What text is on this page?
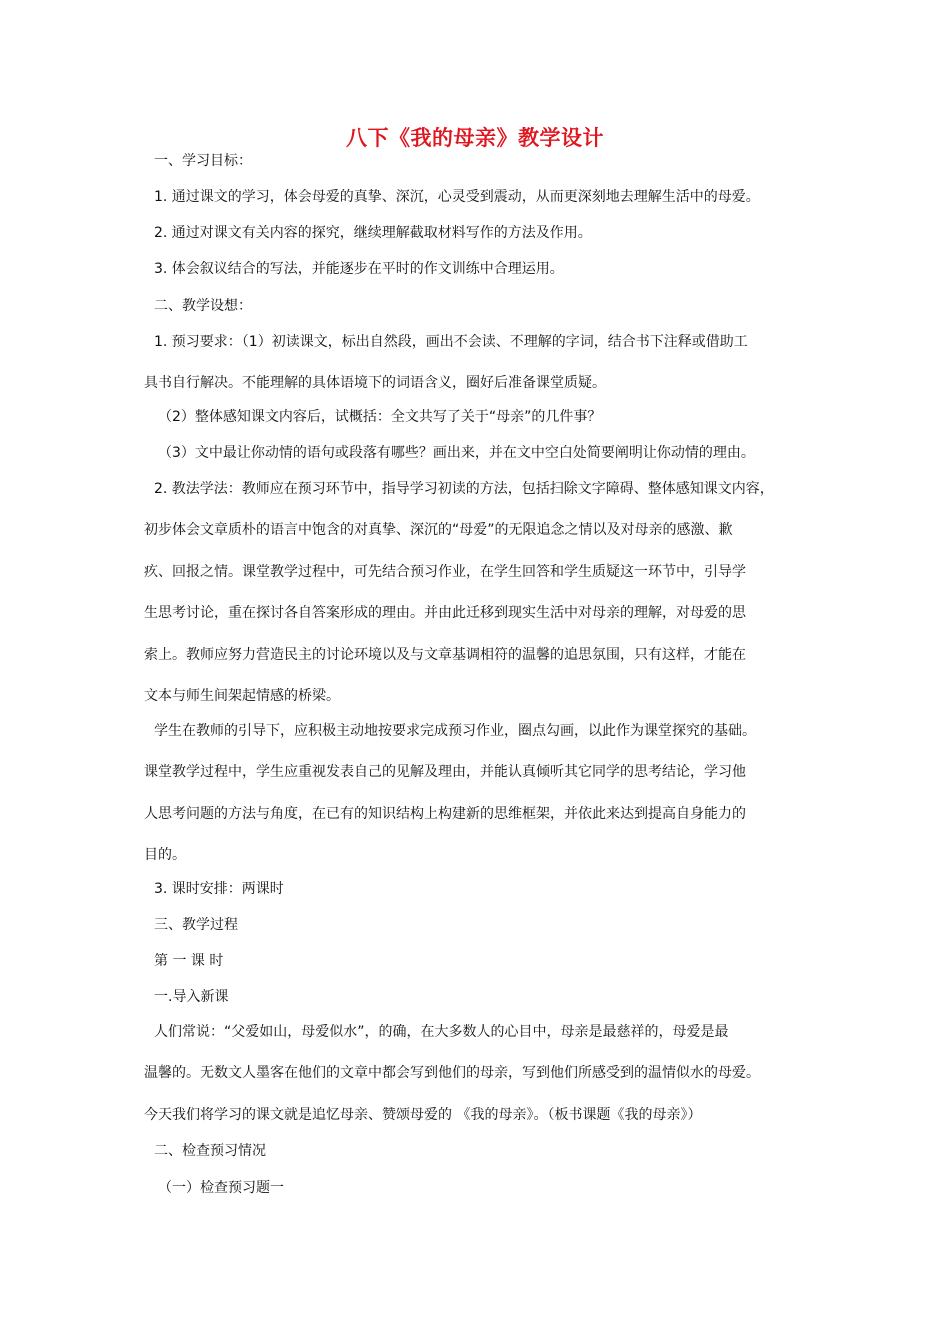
八下《我的母亲》教学设计
一、学习目标：
1. 通过课文的学习，体会母爱的真挚、深沉，心灵受到震动，从而更深刻地去理解生活中的母爱。
2. 通过对课文有关内容的探究，继续理解截取材料写作的方法及作用。
3. 体会叙议结合的写法，并能逐步在平时的作文训练中合理运用。
二、教学设想：
1. 预习要求：（1）初读课文，标出自然段，画出不会读、不理解的字词，结合书下注释或借助工
具书自行解决。不能理解的具体语境下的词语含义，圈好后准备课堂质疑。
（2）整体感知课文内容后，试概括：全文共写了关于“母亲”的几件事？
（3）文中最让你动情的语句或段落有哪些？画出来，并在文中空白处简要阐明让你动情的理由。
2. 教法学法：教师应在预习环节中，指导学习初读的方法，包括扫除文字障碍、整体感知课文内容，
初步体会文章质朴的语言中饱含的对真挚、深沉的“母爱”的无限追念之情以及对母亲的感激、歉
疚、回报之情。课堂教学过程中，可先结合预习作业，在学生回答和学生质疑这一环节中，引导学
生思考讨论，重在探讨各自答案形成的理由。并由此迁移到现实生活中对母亲的理解，对母爱的思
索上。教师应努力营造民主的讨论环境以及与文章基调相符的温馨的追思氛围，只有这样，才能在
文本与师生间架起情感的桥梁。
学生在教师的引导下，应积极主动地按要求完成预习作业，圈点勾画，以此作为课堂探究的基础。
课堂教学过程中，学生应重视发表自己的见解及理由，并能认真倾听其它同学的思考结论，学习他
人思考问题的方法与角度，在已有的知识结构上构建新的思维框架，并依此来达到提高自身能力的
目的。
3. 课时安排：两课时
三、教学过程
第 一 课 时
一.导入新课
人们常说：“父爱如山，母爱似水”，的确，在大多数人的心目中，母亲是最慈祥的，母爱是最
温馨的。无数文人墨客在他们的文章中都会写到他们的母亲，写到他们所感受到的温情似水的母爱。
今天我们将学习的课文就是追忆母亲、赞颂母爱的 《我的母亲》。（板书课题《我的母亲》）
二、检查预习情况
（一）检查预习题一
